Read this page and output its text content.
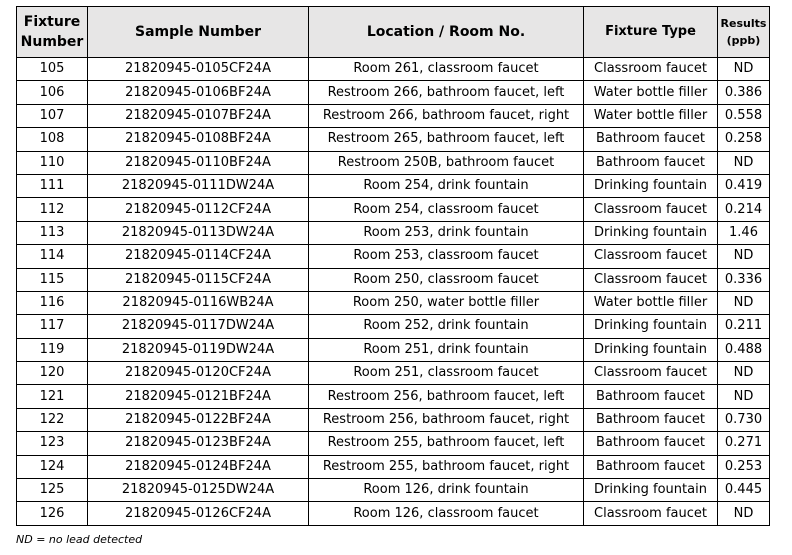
Fixture Number	Sample Number	Location / Room No.	Fixture Type	Results (ppb)
105	21820945-0105CF24A	Room 261, classroom faucet	Classroom faucet	ND
106	21820945-0106BF24A	Restroom 266, bathroom faucet, left	Water bottle filler	0.386
107	21820945-0107BF24A	Restroom 266, bathroom faucet, right	Water bottle filler	0.558
108	21820945-0108BF24A	Restroom 265, bathroom faucet, left	Bathroom faucet	0.258
110	21820945-0110BF24A	Restroom 250B, bathroom faucet	Bathroom faucet	ND
111	21820945-0111DW24A	Room 254, drink fountain	Drinking fountain	0.419
112	21820945-0112CF24A	Room 254, classroom faucet	Classroom faucet	0.214
113	21820945-0113DW24A	Room 253, drink fountain	Drinking fountain	1.46
114	21820945-0114CF24A	Room 253, classroom faucet	Classroom faucet	ND
115	21820945-0115CF24A	Room 250, classroom faucet	Classroom faucet	0.336
116	21820945-0116WB24A	Room 250, water bottle filler	Water bottle filler	ND
117	21820945-0117DW24A	Room 252, drink fountain	Drinking fountain	0.211
119	21820945-0119DW24A	Room 251, drink fountain	Drinking fountain	0.488
120	21820945-0120CF24A	Room 251, classroom faucet	Classroom faucet	ND
121	21820945-0121BF24A	Restroom 256, bathroom faucet, left	Bathroom faucet	ND
122	21820945-0122BF24A	Restroom 256, bathroom faucet, right	Bathroom faucet	0.730
123	21820945-0123BF24A	Restroom 255, bathroom faucet, left	Bathroom faucet	0.271
124	21820945-0124BF24A	Restroom 255, bathroom faucet, right	Bathroom faucet	0.253
125	21820945-0125DW24A	Room 126, drink fountain	Drinking fountain	0.445
126	21820945-0126CF24A	Room 126, classroom faucet	Classroom faucet	ND
ND = no lead detected
